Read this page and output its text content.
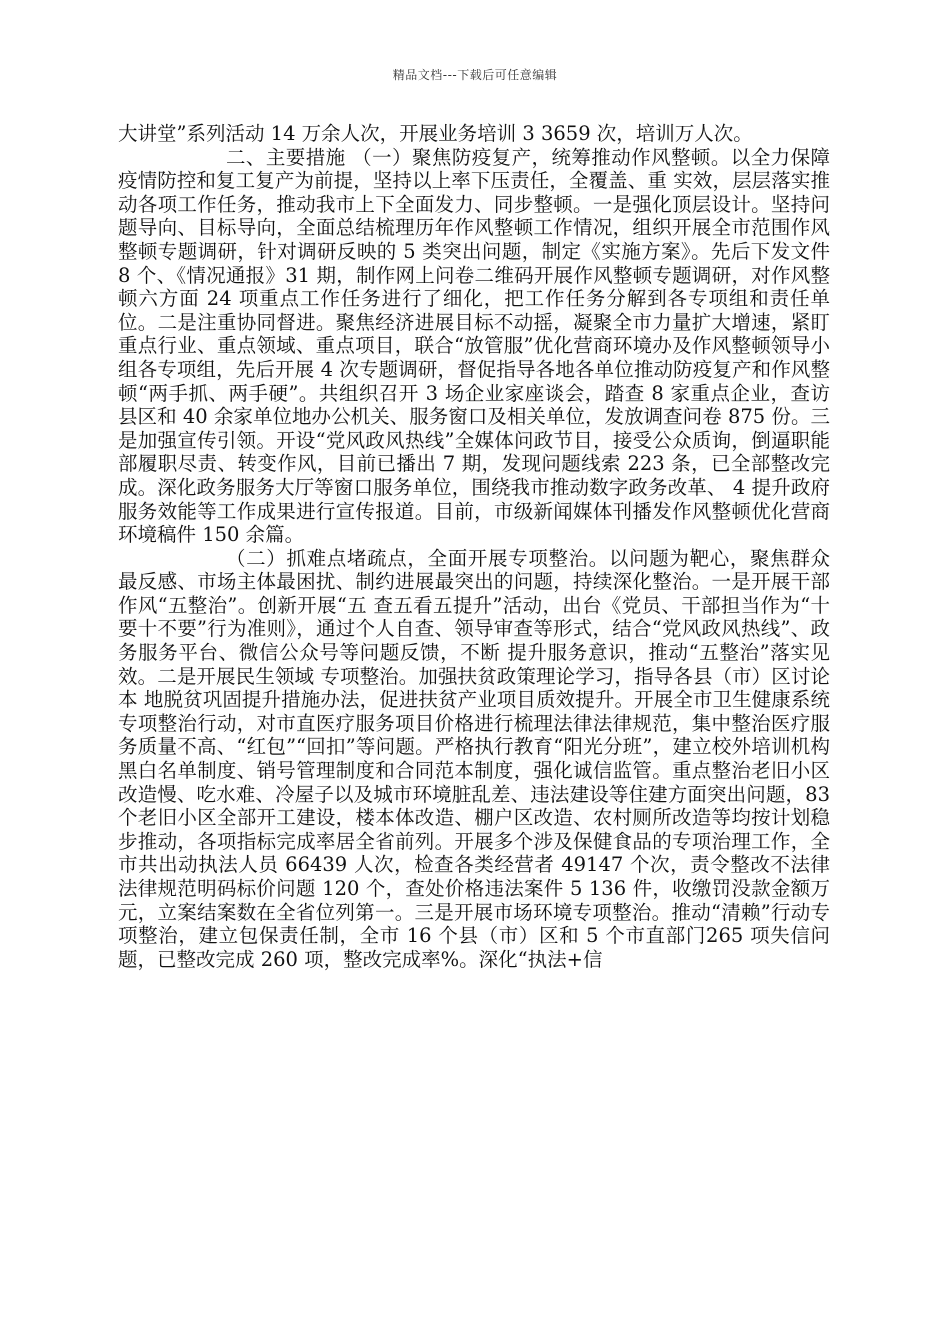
精品文档---下载后可任意编辑

大讲堂”系列活动 14 万余人次，开展业务培训 3 3659 次，培训万人次。

二、主要措施 （一）聚焦防疫复产，统筹推动作风整顿。以全力保障疫情防控和复工复产为前提，坚持以上率下压责任，全覆盖、重 实效，层层落实推动各项工作任务，推动我市上下全面发力、同步整顿。一是强化顶层设计。坚持问题导向、目标导向，全面总结梳理历年作风整顿工作情况，组织开展全市范围作风整顿专题调研，针对调研反映的 5 类突出问题，制定《实施方案》。先后下发文件 8 个、《情况通报》31 期，制作网上问卷二维码开展作风整顿专题调研，对作风整顿六方面 24 项重点工作任务进行了细化，把工作任务分解到各专项组和责任单位。二是注重协同督进。聚焦经济进展目标不动摇，凝聚全市力量扩大增速，紧盯重点行业、重点领域、重点项目，联合“放管服”优化营商环境办及作风整顿领导小组各专项组，先后开展 4 次专题调研，督促指导各地各单位推动防疫复产和作风整顿“两手抓、两手硬”。共组织召开 3 场企业家座谈会，踏查 8 家重点企业，查访县区和 40 余家单位地办公机关、服务窗口及相关单位，发放调查问卷 875 份。三是加强宣传引领。开设“党风政风热线”全媒体问政节目，接受公众质询，倒逼职能部履职尽责、转变作风，目前已播出 7 期，发现问题线索 223 条，已全部整改完成。深化政务服务大厅等窗口服务单位，围绕我市推动数字政务改革、 4 提升政府服务效能等工作成果进行宣传报道。目前，市级新闻媒体刊播发作风整顿优化营商环境稿件 150 余篇。

（二）抓难点堵疏点，全面开展专项整治。以问题为靶心，聚焦群众最反感、市场主体最困扰、制约进展最突出的问题，持续深化整治。一是开展干部作风“五整治”。创新开展“五 查五看五提升”活动，出台《党员、干部担当作为“十要十不要”行为准则》，通过个人自查、领导审查等形式，结合“党风政风热线”、政务服务平台、微信公众号等问题反馈，不断 提升服务意识，推动“五整治”落实见效。二是开展民生领域 专项整治。加强扶贫政策理论学习，指导各县（市）区讨论本 地脱贫巩固提升措施办法，促进扶贫产业项目质效提升。开展全市卫生健康系统专项整治行动，对市直医疗服务项目价格进行梳理法律法律规范，集中整治医疗服务质量不高、“红包”“回扣”等问题。严格执行教育“阳光分班”，建立校外培训机构黑白名单制度、销号管理制度和合同范本制度，强化诚信监管。重点整治老旧小区改造慢、吃水难、冷屋子以及城市环境脏乱差、违法建设等住建方面突出问题，83 个老旧小区全部开工建设，楼本体改造、棚户区改造、农村厕所改造等均按计划稳步推动，各项指标完成率居全省前列。开展多个涉及保健食品的专项治理工作，全市共出动执法人员 66439 人次，检查各类经营者 49147 个次，责令整改不法律法律规范明码标价问题 120 个，查处价格违法案件 5 136 件，收缴罚没款金额万元，立案结案数在全省位列第一。三是开展市场环境专项整治。推动“清赖”行动专项整治，建立包保责任制，全市 16 个县（市）区和 5 个市直部门265 项失信问题，已整改完成 260 项，整改完成率%。深化“执法+信
